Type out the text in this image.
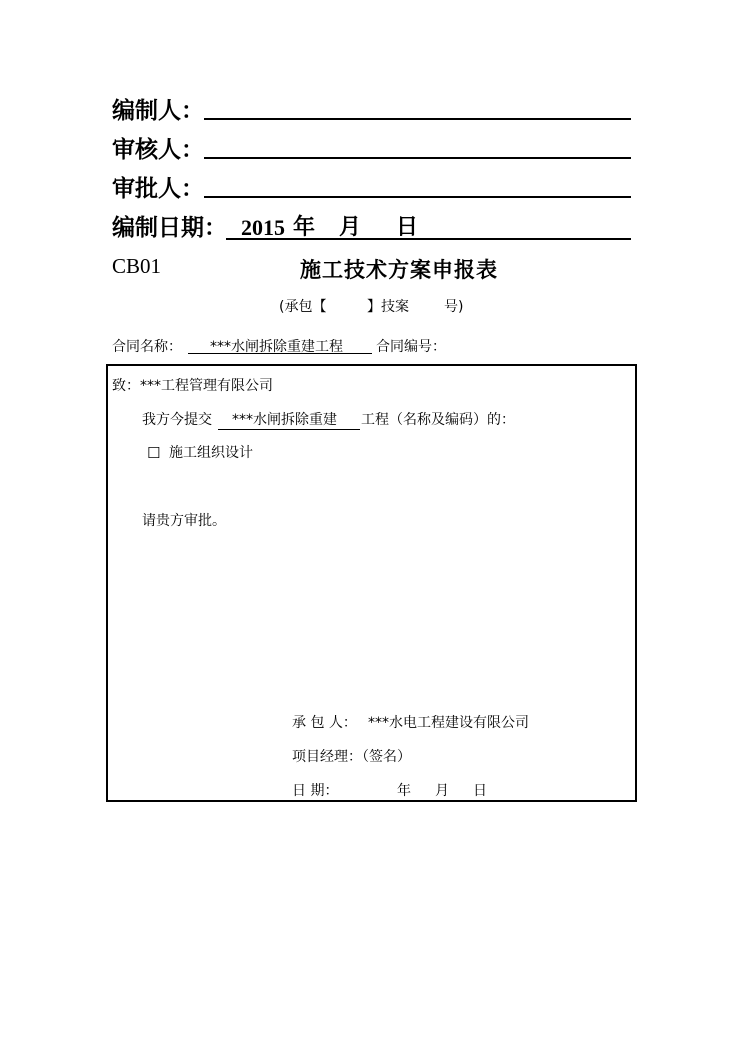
编制人：
审核人：
审批人：
编制日期： 2015 年 月 日
CB01	施工技术方案申报表
(承包【	】技案	号)
合同名称： ***水闸拆除重建工程 合同编号：
致：***工程管理有限公司
我方今提交 ***水闸拆除重建 工程（名称及编码）的：
☐ 施工组织设计
请贵方审批。
承 包 人： ***水电工程建设有限公司
项目经理：（签名）
日 期：	年 月 日
